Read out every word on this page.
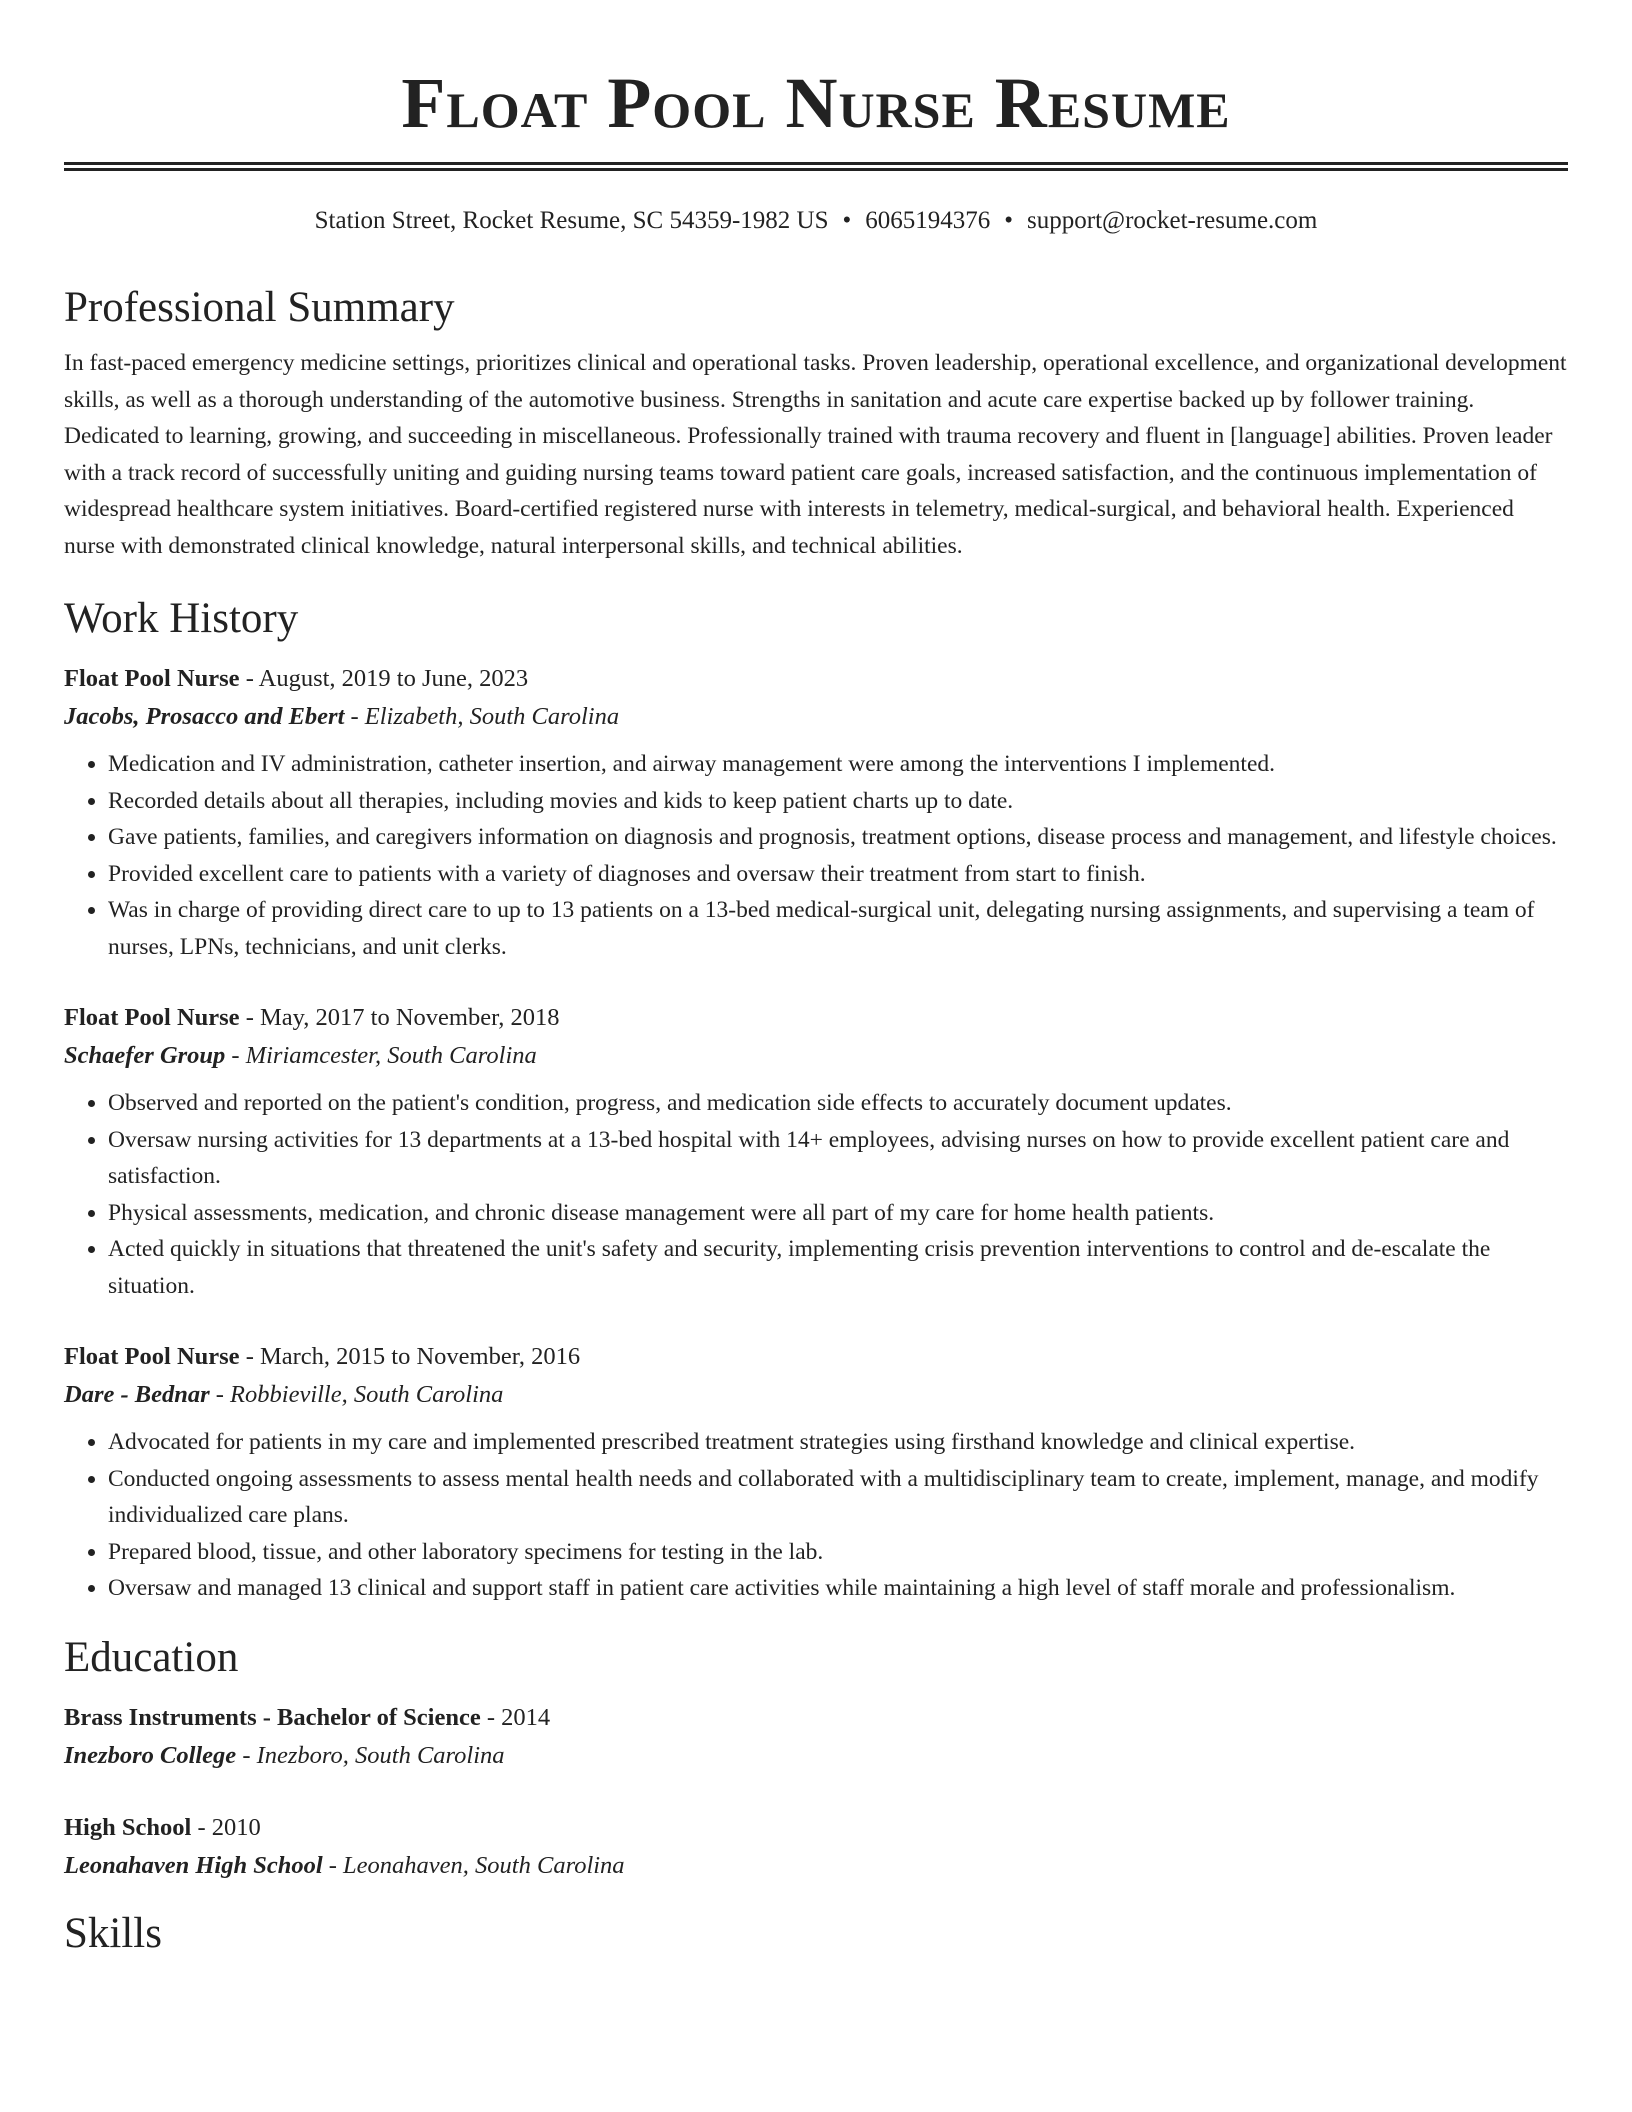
Float Pool Nurse Resume
Station Street, Rocket Resume, SC 54359-1982 US • 6065194376 • support@rocket-resume.com
Professional Summary

In fast-paced emergency medicine settings, prioritizes clinical and operational tasks. Proven leadership, operational excellence, and organizational development skills, as well as a thorough understanding of the automotive business. Strengths in sanitation and acute care expertise backed up by follower training. Dedicated to learning, growing, and succeeding in miscellaneous. Professionally trained with trauma recovery and fluent in [language] abilities. Proven leader with a track record of successfully uniting and guiding nursing teams toward patient care goals, increased satisfaction, and the continuous implementation of widespread healthcare system initiatives. Board-certified registered nurse with interests in telemetry, medical-surgical, and behavioral health. Experienced nurse with demonstrated clinical knowledge, natural interpersonal skills, and technical abilities.

Work History
Float Pool Nurse - August, 2019 to June, 2023
Jacobs, Prosacco and Ebert - Elizabeth, South Carolina
• Medication and IV administration, catheter insertion, and airway management were among the interventions I implemented.
• Recorded details about all therapies, including movies and kids to keep patient charts up to date.
• Gave patients, families, and caregivers information on diagnosis and prognosis, treatment options, disease process and management, and lifestyle choices.
• Provided excellent care to patients with a variety of diagnoses and oversaw their treatment from start to finish.
• Was in charge of providing direct care to up to 13 patients on a 13-bed medical-surgical unit, delegating nursing assignments, and supervising a team of nurses, LPNs, technicians, and unit clerks.
Float Pool Nurse - May, 2017 to November, 2018
Schaefer Group - Miriamcester, South Carolina
• Observed and reported on the patient's condition, progress, and medication side effects to accurately document updates.
• Oversaw nursing activities for 13 departments at a 13-bed hospital with 14+ employees, advising nurses on how to provide excellent patient care and satisfaction.
• Physical assessments, medication, and chronic disease management were all part of my care for home health patients.
• Acted quickly in situations that threatened the unit's safety and security, implementing crisis prevention interventions to control and de-escalate the situation.
Float Pool Nurse - March, 2015 to November, 2016
Dare - Bednar - Robbieville, South Carolina
• Advocated for patients in my care and implemented prescribed treatment strategies using firsthand knowledge and clinical expertise.
• Conducted ongoing assessments to assess mental health needs and collaborated with a multidisciplinary team to create, implement, manage, and modify individualized care plans.
• Prepared blood, tissue, and other laboratory specimens for testing in the lab.
• Oversaw and managed 13 clinical and support staff in patient care activities while maintaining a high level of staff morale and professionalism.
Education
Brass Instruments - Bachelor of Science - 2014
Inezboro College - Inezboro, South Carolina
High School - 2010
Leonahaven High School - Leonahaven, South Carolina
Skills
